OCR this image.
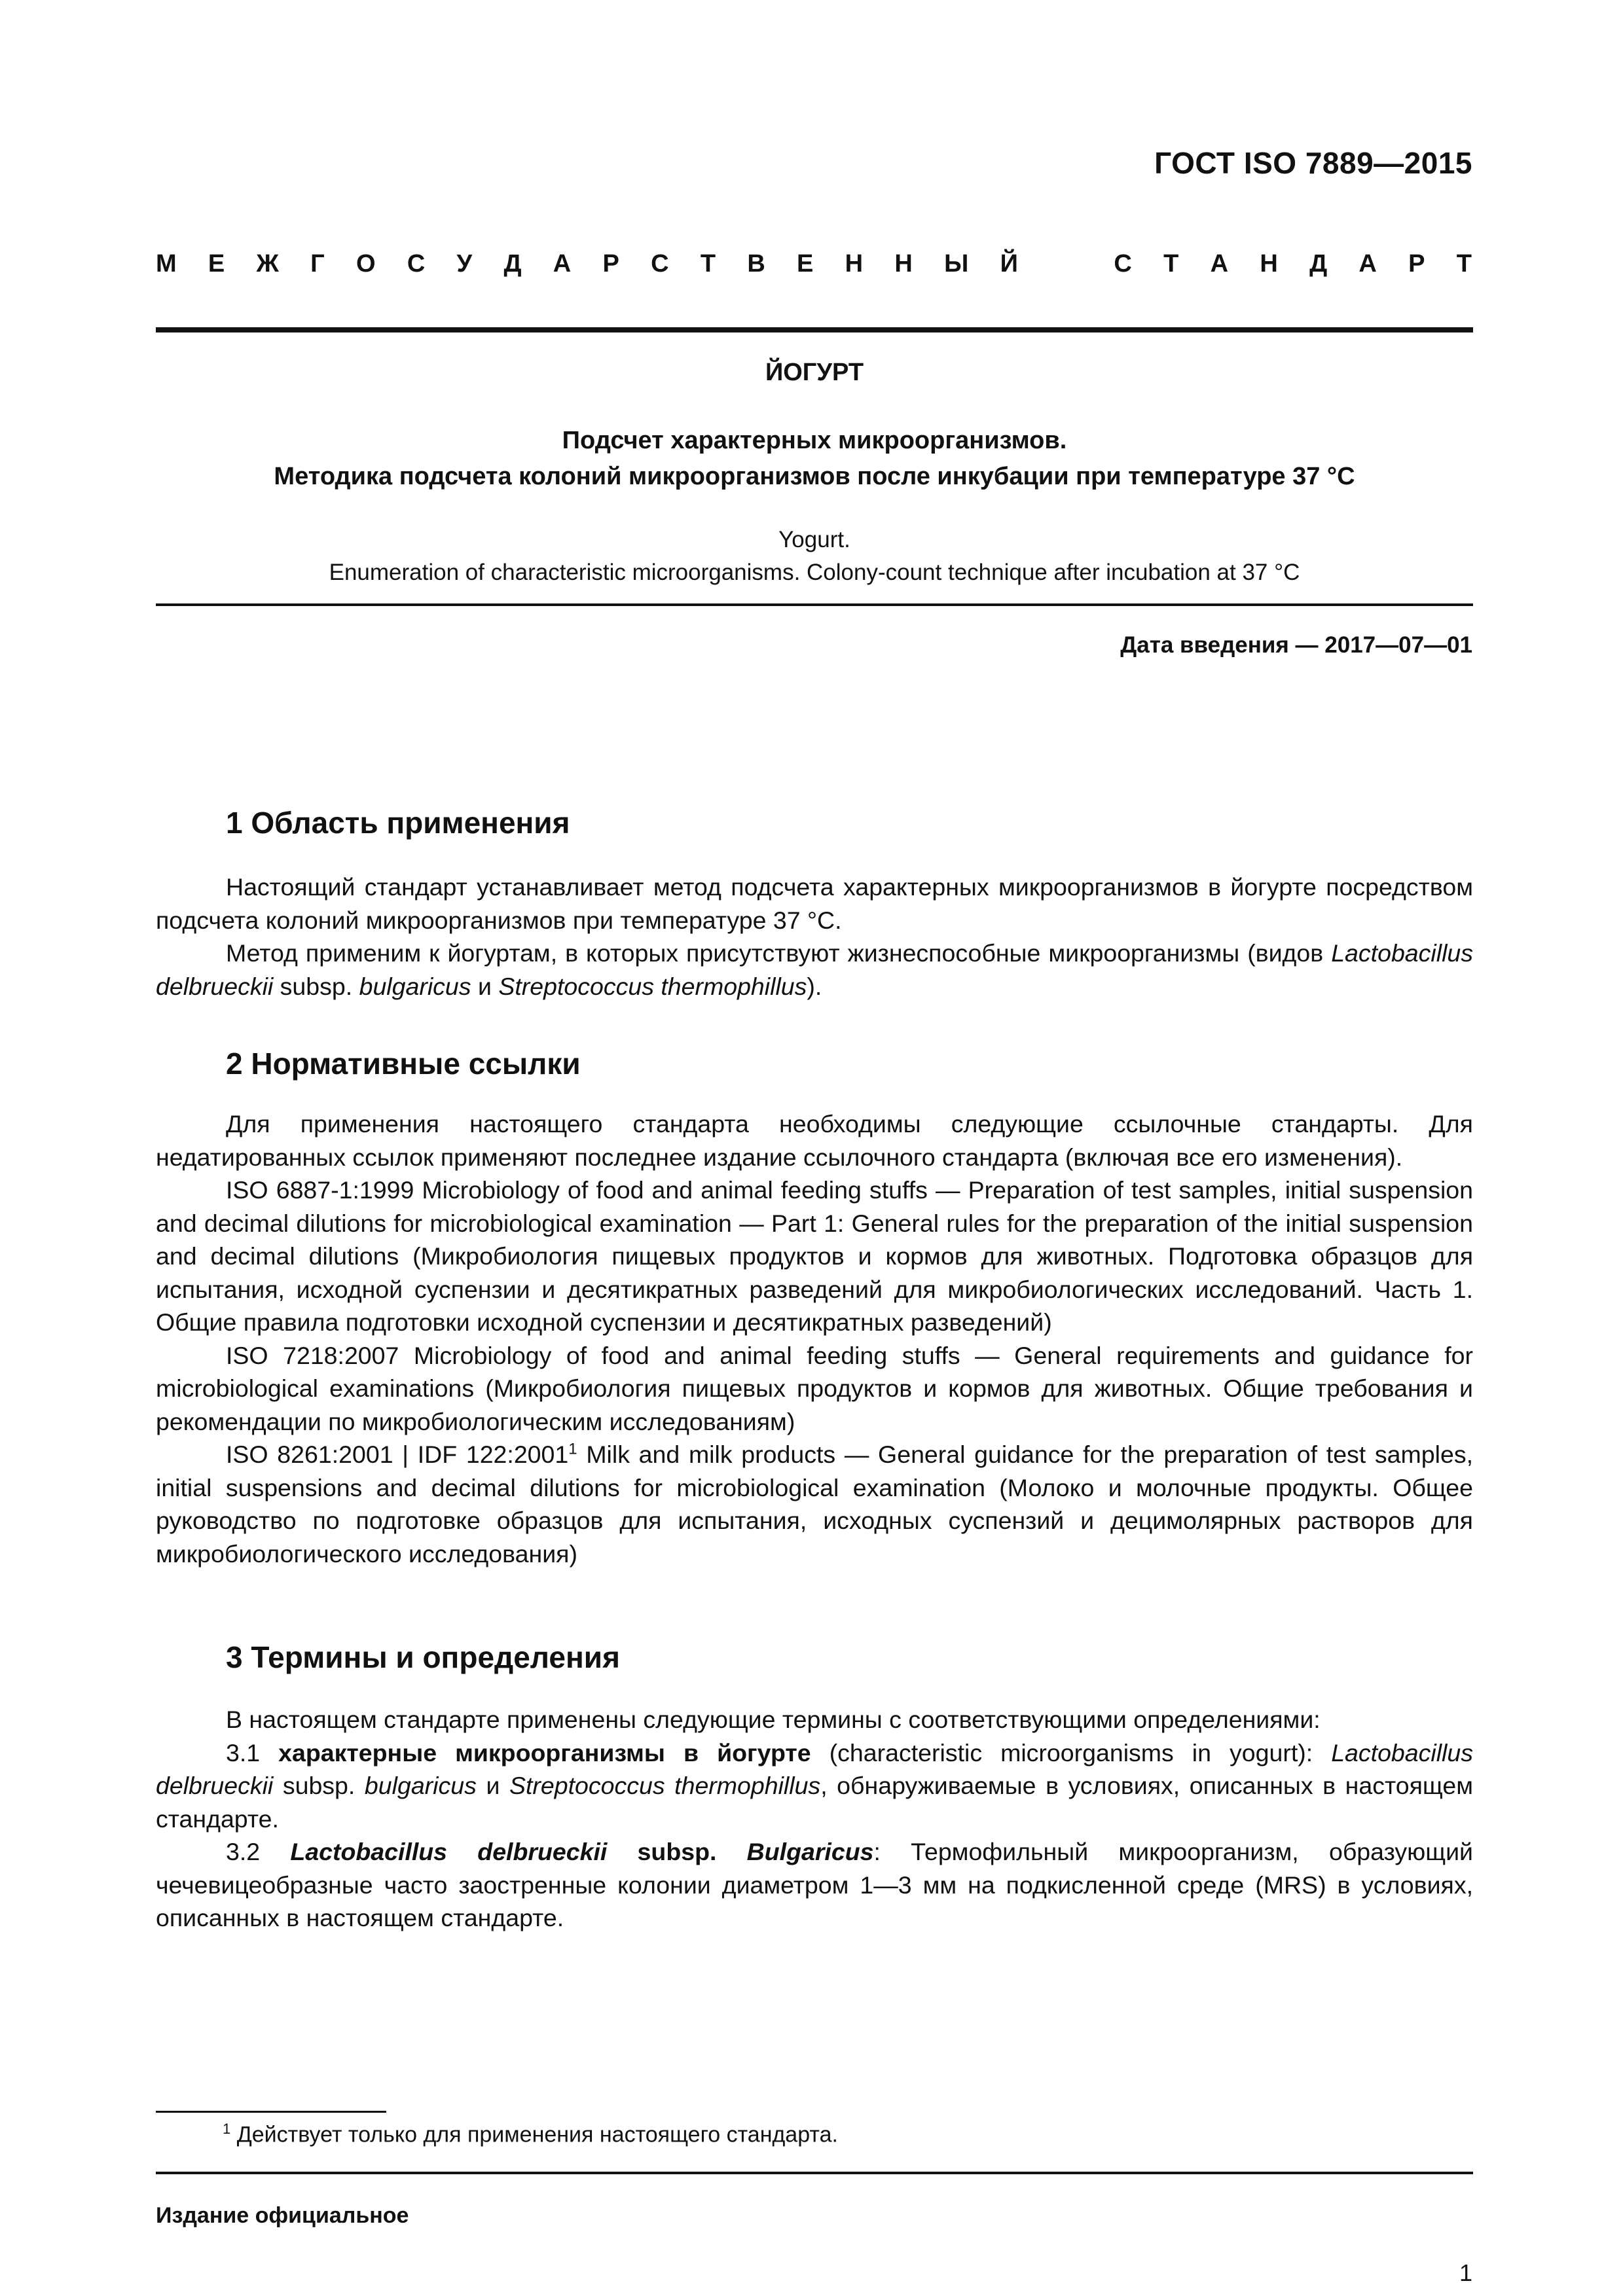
ГОСТ ISO 7889—2015
М Е Ж Г О С У Д А Р С Т В Е Н Н Ы Й	С Т А Н Д А Р Т
ЙОГУРТ
Подсчет характерных микроорганизмов.
Методика подсчета колоний микроорганизмов после инкубации при температуре 37 °С
Yogurt.
Enumeration of characteristic microorganisms. Colony-count technique after incubation at 37 °C
Дата введения — 2017—07—01
1 Область применения

Настоящий стандарт устанавливает метод подсчета характерных микроорганизмов в йогурте посредством подсчета колоний микроорганизмов при температуре 37 °С.

Метод применим к йогуртам, в которых присутствуют жизнеспособные микроорганизмы (видов Lactobacillus delbrueckii subsp. bulgaricus и Streptococcus thermophillus).

2 Нормативные ссылки

Для применения настоящего стандарта необходимы следующие ссылочные стандарты. Для недатированных ссылок применяют последнее издание ссылочного стандарта (включая все его изменения).

ISO 6887-1:1999 Microbiology of food and animal feeding stuffs — Preparation of test samples, initial suspension and decimal dilutions for microbiological examination — Part 1: General rules for the preparation of the initial suspension and decimal dilutions (Микробиология пищевых продуктов и кормов для животных. Подготовка образцов для испытания, исходной суспензии и десятикратных разведений для микробиологических исследований. Часть 1. Общие правила подготовки исходной суспензии и десятикратных разведений)

ISO 7218:2007 Microbiology of food and animal feeding stuffs — General requirements and guidance for microbiological examinations (Микробиология пищевых продуктов и кормов для животных. Общие требования и рекомендации по микробиологическим исследованиям)

ISO 8261:2001 | IDF 122:2001$^1$ Milk and milk products — General guidance for the preparation of test samples, initial suspensions and decimal dilutions for microbiological examination (Молоко и молочные продукты. Общее руководство по подготовке образцов для испытания, исходных суспензий и децимолярных растворов для микробиологического исследования)

3 Термины и определения

В настоящем стандарте применены следующие термины с соответствующими определениями:

3.1 характерные микроорганизмы в йогурте (characteristic microorganisms in yogurt): Lactobacillus delbrueckii subsp. bulgaricus и Streptococcus thermophillus, обнаруживаемые в условиях, описанных в настоящем стандарте.

3.2 Lactobacillus delbrueckii subsp. Bulgaricus: Термофильный микроорганизм, образующий чечевицеобразные часто заостренные колонии диаметром 1—3 мм на подкисленной среде (MRS) в условиях, описанных в настоящем стандарте.

$^1$ Действует только для применения настоящего стандарта.
Издание официальное
1
